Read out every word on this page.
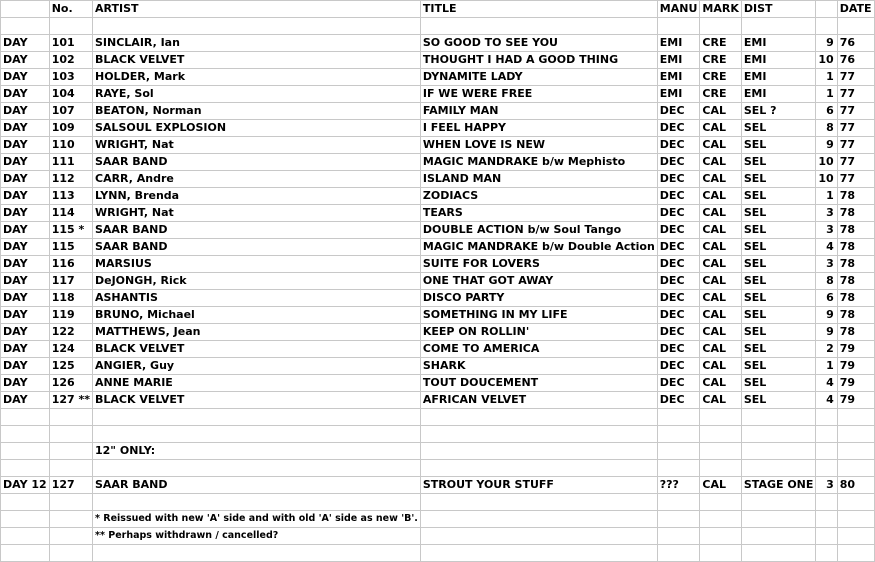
	No.	ARTIST	TITLE	MANU	MARK	DIST		DATE

DAY	101	SINCLAIR, Ian	SO GOOD TO SEE YOU	EMI	CRE	EMI	9	76
DAY	102	BLACK VELVET	THOUGHT I HAD A GOOD THING	EMI	CRE	EMI	10	76
DAY	103	HOLDER, Mark	DYNAMITE LADY	EMI	CRE	EMI	1	77
DAY	104	RAYE, Sol	IF WE WERE FREE	EMI	CRE	EMI	1	77
DAY	107	BEATON, Norman	FAMILY MAN	DEC	CAL	SEL ?	6	77
DAY	109	SALSOUL EXPLOSION	I FEEL HAPPY	DEC	CAL	SEL	8	77
DAY	110	WRIGHT, Nat	WHEN LOVE IS NEW	DEC	CAL	SEL	9	77
DAY	111	SAAR BAND	MAGIC MANDRAKE b/w Mephisto	DEC	CAL	SEL	10	77
DAY	112	CARR, Andre	ISLAND MAN	DEC	CAL	SEL	10	77
DAY	113	LYNN, Brenda	ZODIACS	DEC	CAL	SEL	1	78
DAY	114	WRIGHT, Nat	TEARS	DEC	CAL	SEL	3	78
DAY	115 *	SAAR BAND	DOUBLE ACTION b/w Soul Tango	DEC	CAL	SEL	3	78
DAY	115	SAAR BAND	MAGIC MANDRAKE b/w Double Action	DEC	CAL	SEL	4	78
DAY	116	MARSIUS	SUITE FOR LOVERS	DEC	CAL	SEL	3	78
DAY	117	DeJONGH, Rick	ONE THAT GOT AWAY	DEC	CAL	SEL	8	78
DAY	118	ASHANTIS	DISCO PARTY	DEC	CAL	SEL	6	78
DAY	119	BRUNO, Michael	SOMETHING IN MY LIFE	DEC	CAL	SEL	9	78
DAY	122	MATTHEWS, Jean	KEEP ON ROLLIN'	DEC	CAL	SEL	9	78
DAY	124	BLACK VELVET	COME TO AMERICA	DEC	CAL	SEL	2	79
DAY	125	ANGIER, Guy	SHARK	DEC	CAL	SEL	1	79
DAY	126	ANNE MARIE	TOUT DOUCEMENT	DEC	CAL	SEL	4	79
DAY	127 **	BLACK VELVET	AFRICAN VELVET	DEC	CAL	SEL	4	79

		12" ONLY:						

DAY 12	127	SAAR BAND	STROUT YOUR STUFF	???	CAL	STAGE ONE	3	80

		* Reissued with new 'A' side and with old 'A' side as new 'B'.						
		** Perhaps withdrawn / cancelled?						
